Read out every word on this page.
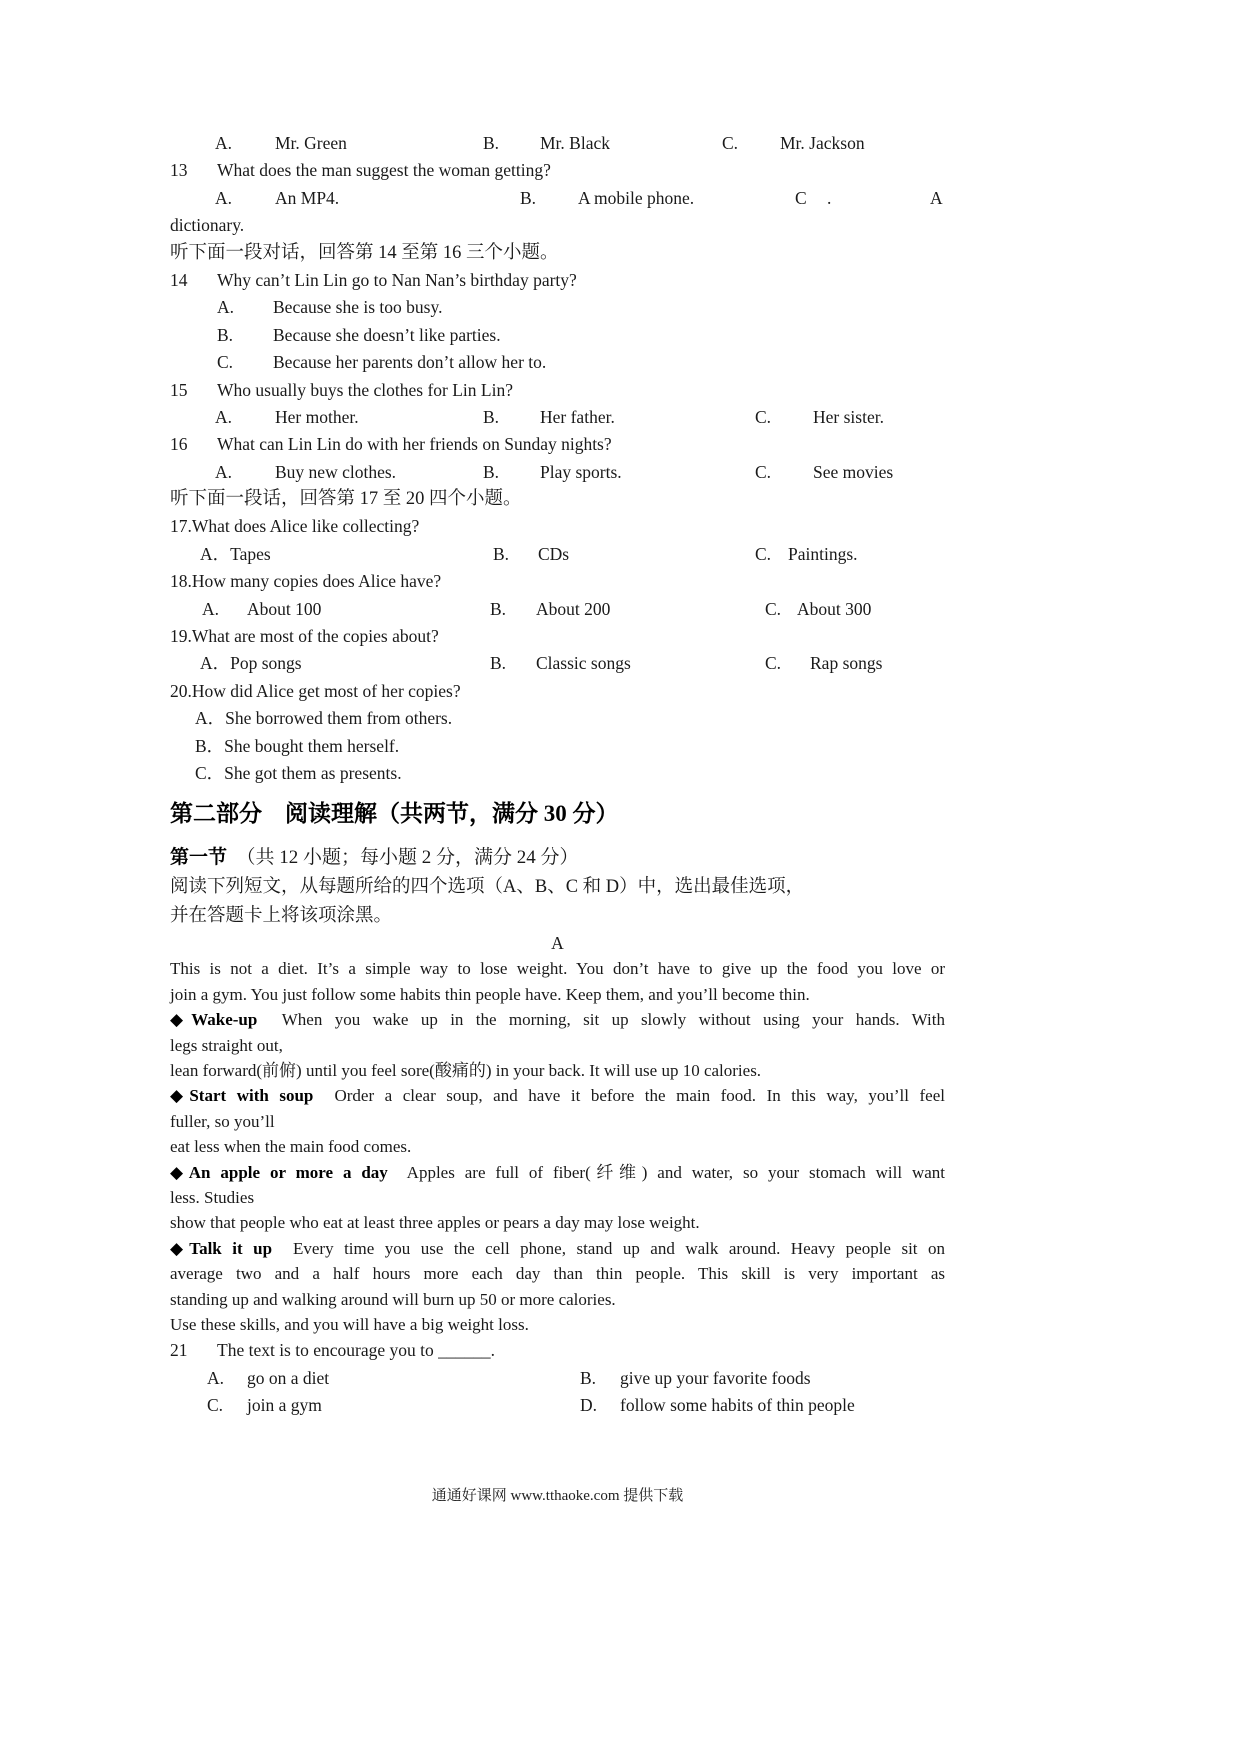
A. Mr. Green	B. Mr. Black	C. Mr. Jackson
13 What does the man suggest the woman getting?
A. An MP4.	B. A mobile phone.	C .	A
dictionary.
听下面一段对话，回答第 14 至第 16 三个小题。
14 Why can’t Lin Lin go to Nan Nan’s birthday party?
A. Because she is too busy.
B. Because she doesn’t like parties.
C. Because her parents don’t allow her to.
15 Who usually buys the clothes for Lin Lin?
A. Her mother.	B. Her father.	C. Her sister.
16 What can Lin Lin do with her friends on Sunday nights?
A. Buy new clothes.	B. Play sports.	C. See movies
听下面一段话，回答第 17 至 20 四个小题。
17.What does Alice like collecting?
A．Tapes	B. CDs	C. Paintings.
18.How many copies does Alice have?
A. About 100	B. About 200	C. About 300
19.What are most of the copies about?
A．Pop songs	B. Classic songs	C. Rap songs
20.How did Alice get most of her copies?
A．She borrowed them from others.
B．She bought them herself.
C．She got them as presents.
第二部分　阅读理解（共两节，满分 30 分）
第一节　（共 12 小题；每小题 2 分，满分 24 分）
阅读下列短文，从每题所给的四个选项（A、B、C 和 D）中，选出最佳选项，
并在答题卡上将该项涂黑。
A
This is not a diet. It’s a simple way to lose weight. You don’t have to give up the food you love or
join a gym. You just follow some habits thin people have. Keep them, and you’ll become thin.
◆Wake-up  When you wake up in the morning, sit up slowly without using your hands. With
legs straight out,
lean forward(前俯) until you feel sore(酸痛的) in your back. It will use up 10 calories.
◆Start with soup  Order a clear soup, and have it before the main food. In this way, you’ll feel
fuller, so you’ll
eat less when the main food comes.
◆An apple or more a day  Apples are full of fiber(纤维) and water, so your stomach will want
less. Studies
show that people who eat at least three apples or pears a day may lose weight.
◆Talk it up  Every time you use the cell phone, stand up and walk around. Heavy people sit on
average two and a half hours more each day than thin people. This skill is very important as
standing up and walking around will burn up 50 or more calories.
Use these skills, and you will have a big weight loss.
21 The text is to encourage you to ______.
A. go on a diet	B. give up your favorite foods
C. join a gym	D. follow some habits of thin people
通通好课网 www.tthaoke.com 提供下载
